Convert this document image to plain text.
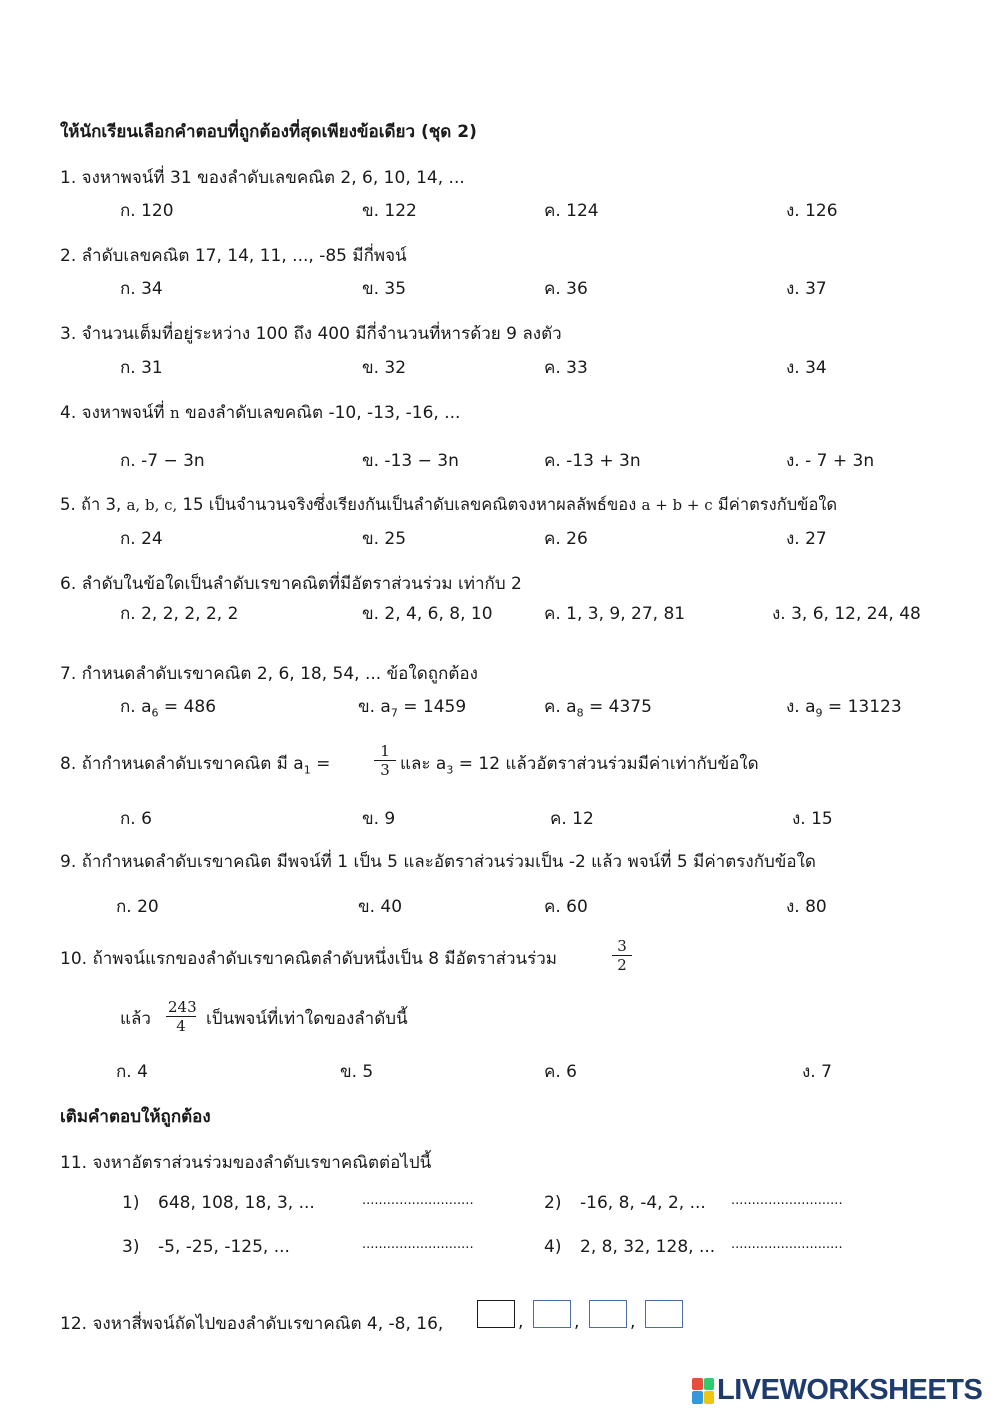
ให้นักเรียนเลือกคำตอบที่ถูกต้องที่สุดเพียงข้อเดียว (ชุด 2)
1. จงหาพจน์ที่ 31 ของลำดับเลขคณิต 2, 6, 10, 14, ...
ก. 120	ข. 122	ค. 124	ง. 126
2. ลำดับเลขคณิต 17, 14, 11, ..., -85 มีกี่พจน์
ก. 34	ข. 35	ค. 36	ง. 37
3. จำนวนเต็มที่อยู่ระหว่าง 100 ถึง 400 มีกี่จำนวนที่หารด้วย 9 ลงตัว
ก. 31	ข. 32	ค. 33	ง. 34
4. จงหาพจน์ที่ n ของลำดับเลขคณิต -10, -13, -16, ...
ก. -7 − 3n	ข. -13 − 3n	ค. -13 + 3n	ง. - 7 + 3n
5. ถ้า 3, a, b, c, 15 เป็นจำนวนจริงซึ่งเรียงกันเป็นลำดับเลขคณิตจงหาผลลัพธ์ของ a + b + c มีค่าตรงกับข้อใด
ก. 24	ข. 25	ค. 26	ง. 27
6. ลำดับในข้อใดเป็นลำดับเรขาคณิตที่มีอัตราส่วนร่วม เท่ากับ 2
ก. 2, 2, 2, 2, 2	ข. 2, 4, 6, 8, 10	ค. 1, 3, 9, 27, 81	ง. 3, 6, 12, 24, 48
7. กำหนดลำดับเรขาคณิต 2, 6, 18, 54, ... ข้อใดถูกต้อง
ก. $a_6 = 486$	ข. $a_7 = 1459$	ค. $a_8 = 4375$	ง. $a_9 = 13123$
8. ถ้ากำหนดลำดับเรขาคณิต มี $a_1$ =	$\frac{1}{3}$ และ $a_3 = 12$ แล้วอัตราส่วนร่วมมีค่าเท่ากับข้อใด
ก. 6	ข. 9	ค. 12	ง. 15
9. ถ้ากำหนดลำดับเรขาคณิต มีพจน์ที่ 1 เป็น 5 และอัตราส่วนร่วมเป็น -2 แล้ว พจน์ที่ 5 มีค่าตรงกับข้อใด
ก. 20	ข. 40	ค. 60	ง. 80
10. ถ้าพจน์แรกของลำดับเรขาคณิตลำดับหนึ่งเป็น 8 มีอัตราส่วนร่วม	$\frac{3}{2}$
แล้ว $\frac{243}{4}$ เป็นพจน์ที่เท่าใดของลำดับนี้
ก. 4	ข. 5	ค. 6	ง. 7
เติมคำตอบให้ถูกต้อง
11. จงหาอัตราส่วนร่วมของลำดับเรขาคณิตต่อไปนี้
1) 648, 108, 18, 3, ...	...........................	2) -16, 8, -4, 2, ... ...........................
3) -5, -25, -125, ...	...........................	4) 2, 8, 32, 128, ... ...........................
12. จงหาสี่พจน์ถัดไปของลำดับเรขาคณิต 4, -8, 16,	,	,	,
LIVEWORKSHEETS
